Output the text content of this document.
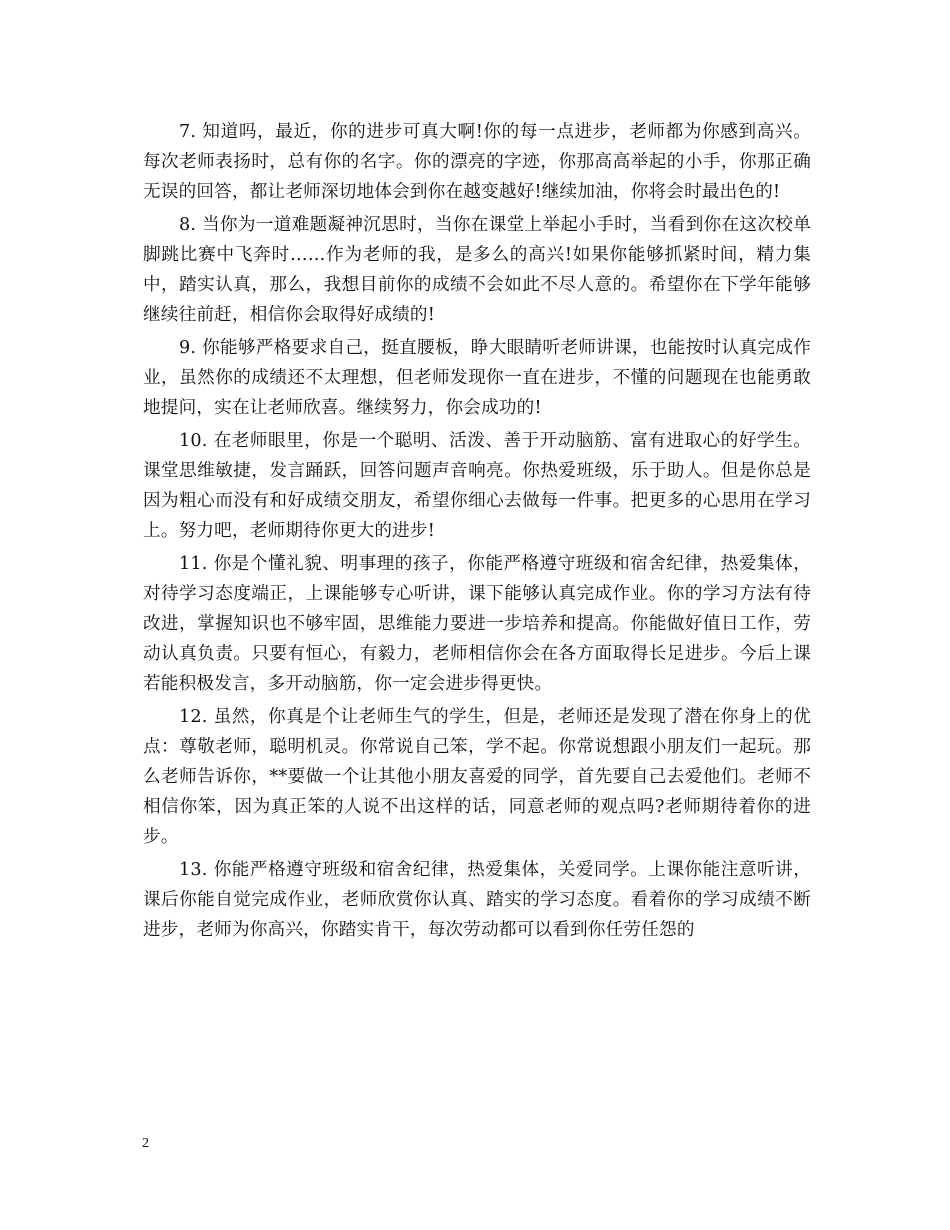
7. 知道吗，最近，你的进步可真大啊!你的每一点进步，老师都为你感到高兴。每次老师表扬时，总有你的名字。你的漂亮的字迹，你那高高举起的小手，你那正确无误的回答，都让老师深切地体会到你在越变越好!继续加油，你将会时最出色的!

8. 当你为一道难题凝神沉思时，当你在课堂上举起小手时，当看到你在这次校单脚跳比赛中飞奔时……作为老师的我，是多么的高兴!如果你能够抓紧时间，精力集中，踏实认真，那么，我想目前你的成绩不会如此不尽人意的。希望你在下学年能够继续往前赶，相信你会取得好成绩的!

9. 你能够严格要求自己，挺直腰板，睁大眼睛听老师讲课，也能按时认真完成作业，虽然你的成绩还不太理想，但老师发现你一直在进步，不懂的问题现在也能勇敢地提问，实在让老师欣喜。继续努力，你会成功的!

10. 在老师眼里，你是一个聪明、活泼、善于开动脑筋、富有进取心的好学生。课堂思维敏捷，发言踊跃，回答问题声音响亮。你热爱班级，乐于助人。但是你总是因为粗心而没有和好成绩交朋友，希望你细心去做每一件事。把更多的心思用在学习上。努力吧，老师期待你更大的进步!

11. 你是个懂礼貌、明事理的孩子，你能严格遵守班级和宿舍纪律，热爱集体，对待学习态度端正，上课能够专心听讲，课下能够认真完成作业。你的学习方法有待改进，掌握知识也不够牢固，思维能力要进一步培养和提高。你能做好值日工作，劳动认真负责。只要有恒心，有毅力，老师相信你会在各方面取得长足进步。今后上课若能积极发言，多开动脑筋，你一定会进步得更快。

12. 虽然，你真是个让老师生气的学生，但是，老师还是发现了潜在你身上的优点：尊敬老师，聪明机灵。你常说自己笨，学不起。你常说想跟小朋友们一起玩。那么老师告诉你，**要做一个让其他小朋友喜爱的同学，首先要自己去爱他们。老师不相信你笨，因为真正笨的人说不出这样的话，同意老师的观点吗?老师期待着你的进步。

13. 你能严格遵守班级和宿舍纪律，热爱集体，关爱同学。上课你能注意听讲，课后你能自觉完成作业，老师欣赏你认真、踏实的学习态度。看着你的学习成绩不断进步，老师为你高兴，你踏实肯干，每次劳动都可以看到你任劳任怨的

2
